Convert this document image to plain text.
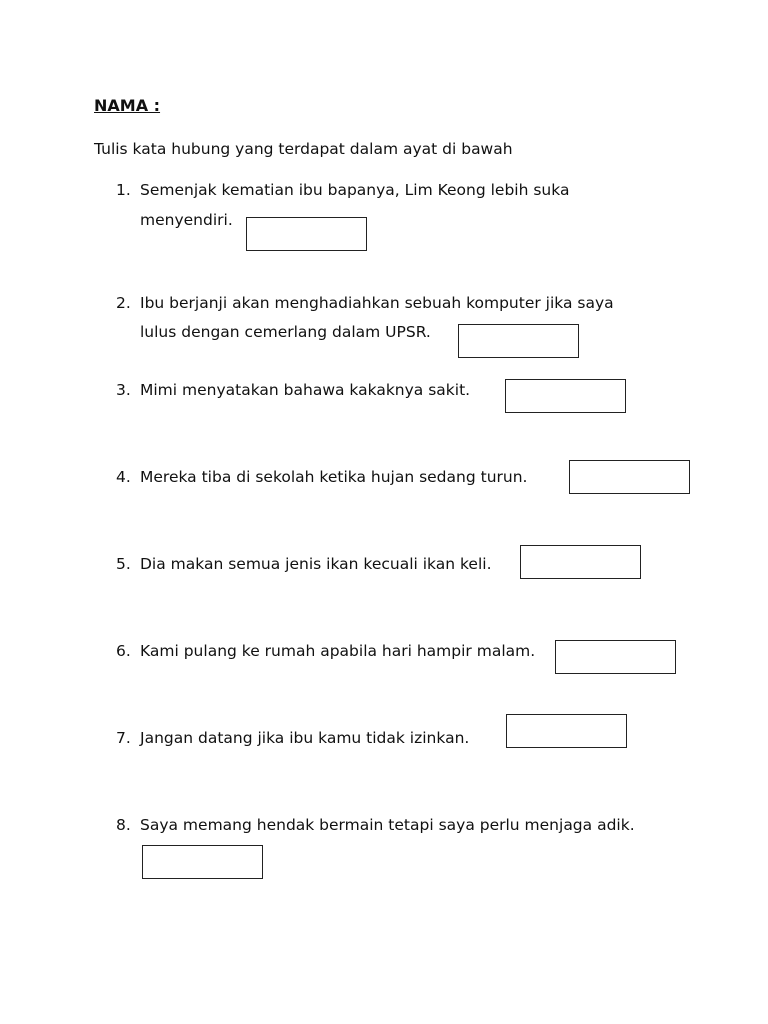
NAMA :
Tulis kata hubung yang terdapat dalam ayat di bawah
1. Semenjak kematian ibu bapanya, Lim Keong lebih suka
menyendiri.
2. Ibu berjanji akan menghadiahkan sebuah komputer jika saya
lulus dengan cemerlang dalam UPSR.
3. Mimi menyatakan bahawa kakaknya sakit.
4. Mereka tiba di sekolah ketika hujan sedang turun.
5. Dia makan semua jenis ikan kecuali ikan keli.
6. Kami pulang ke rumah apabila hari hampir malam.
7. Jangan datang jika ibu kamu tidak izinkan.
8. Saya memang hendak bermain tetapi saya perlu menjaga adik.
